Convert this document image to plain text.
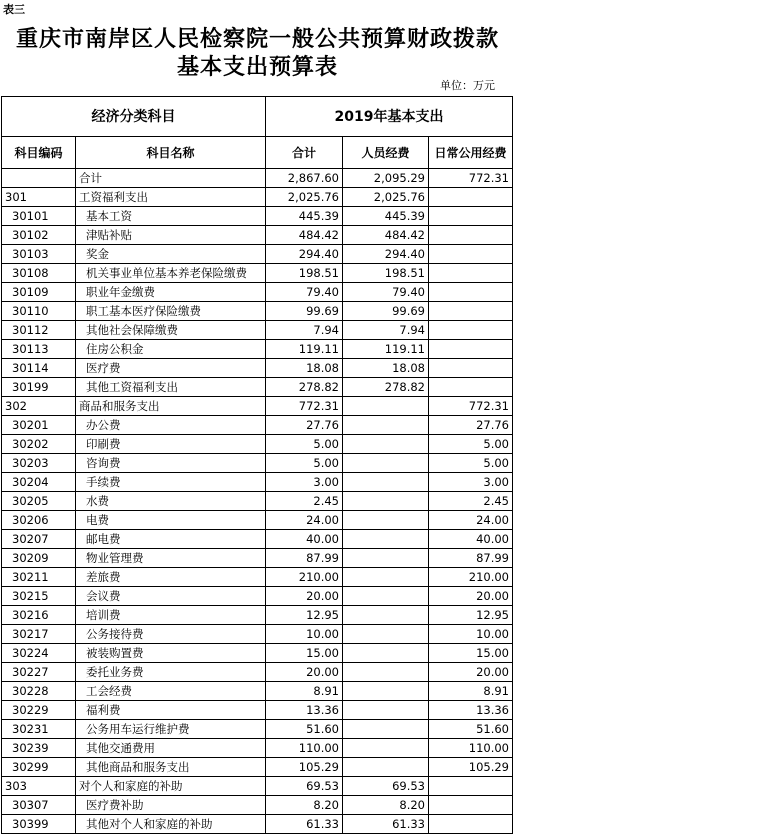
表三
重庆市南岸区人民检察院一般公共预算财政拨款
基本支出预算表
单位：万元
经济分类科目		2019年基本支出		
科目编码	科目名称	合计	人员经费	日常公用经费
	合计	2,867.60	2,095.29	772.31
301	工资福利支出	2,025.76	2,025.76	
30101	基本工资	445.39	445.39	
30102	津贴补贴	484.42	484.42	
30103	奖金	294.40	294.40	
30108	机关事业单位基本养老保险缴费	198.51	198.51	
30109	职业年金缴费	79.40	79.40	
30110	职工基本医疗保险缴费	99.69	99.69	
30112	其他社会保障缴费	7.94	7.94	
30113	住房公积金	119.11	119.11	
30114	医疗费	18.08	18.08	
30199	其他工资福利支出	278.82	278.82	
302	商品和服务支出	772.31		772.31
30201	办公费	27.76		27.76
30202	印刷费	5.00		5.00
30203	咨询费	5.00		5.00
30204	手续费	3.00		3.00
30205	水费	2.45		2.45
30206	电费	24.00		24.00
30207	邮电费	40.00		40.00
30209	物业管理费	87.99		87.99
30211	差旅费	210.00		210.00
30215	会议费	20.00		20.00
30216	培训费	12.95		12.95
30217	公务接待费	10.00		10.00
30224	被装购置费	15.00		15.00
30227	委托业务费	20.00		20.00
30228	工会经费	8.91		8.91
30229	福利费	13.36		13.36
30231	公务用车运行维护费	51.60		51.60
30239	其他交通费用	110.00		110.00
30299	其他商品和服务支出	105.29		105.29
303	对个人和家庭的补助	69.53	69.53	
30307	医疗费补助	8.20	8.20	
30399	其他对个人和家庭的补助	61.33	61.33	
